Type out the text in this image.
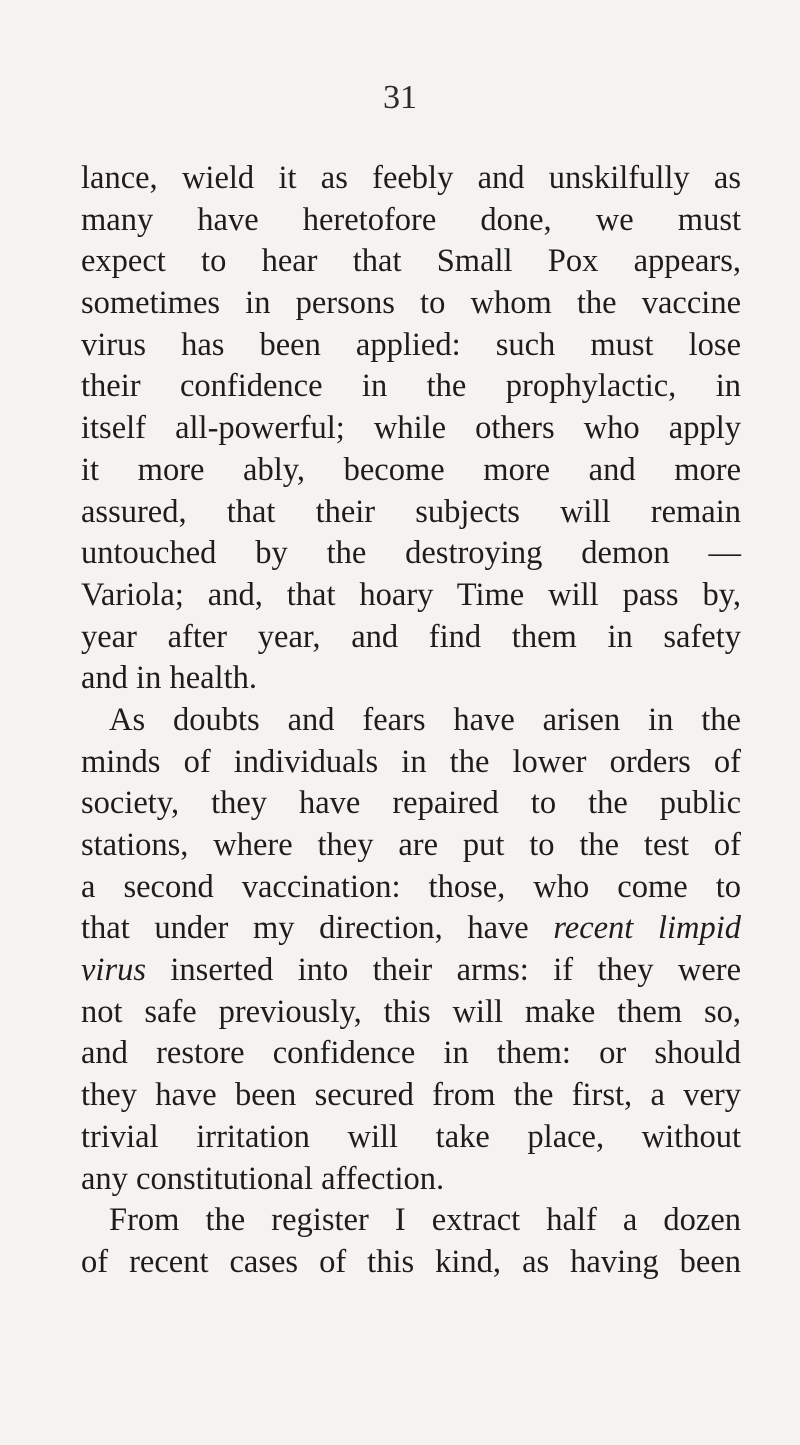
31
lance, wield it as feebly and unskilfully as
many have heretofore done, we must
expect to hear that Small Pox appears,
sometimes in persons to whom the vaccine
virus has been applied: such must lose
their confidence in the prophylactic, in
itself all-powerful; while others who apply
it more ably, become more and more
assured, that their subjects will remain
untouched by the destroying demon —
Variola; and, that hoary Time will pass by,
year after year, and find them in safety
and in health.
As doubts and fears have arisen in the
minds of individuals in the lower orders of
society, they have repaired to the public
stations, where they are put to the test of
a second vaccination: those, who come to
that under my direction, have recent limpid
virus inserted into their arms: if they were
not safe previously, this will make them so,
and restore confidence in them: or should
they have been secured from the first, a very
trivial irritation will take place, without
any constitutional affection.
From the register I extract half a dozen
of recent cases of this kind, as having been
